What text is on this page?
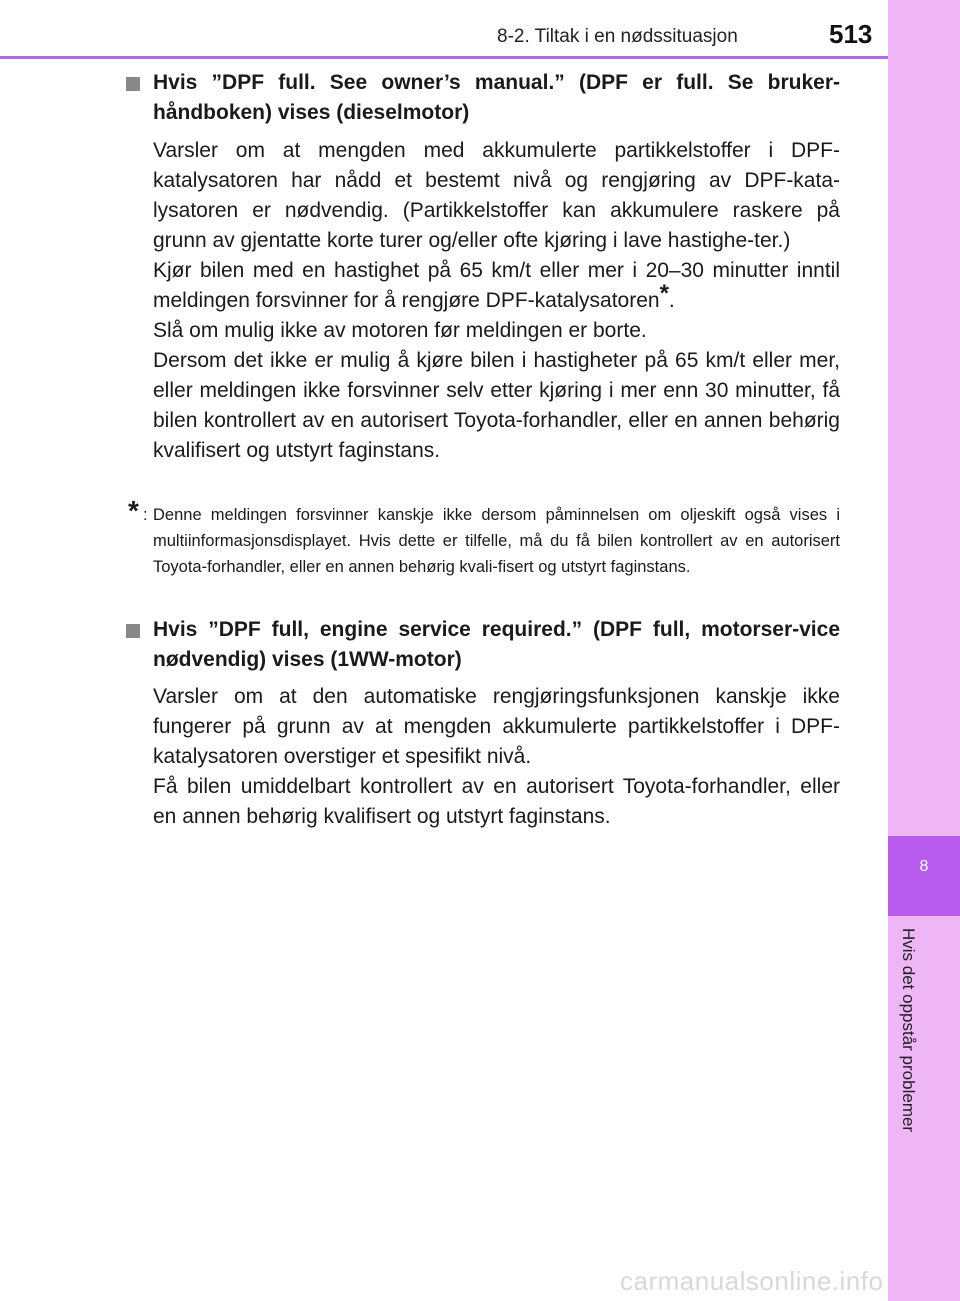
8-2. Tiltak i en nødssituasjon	513
8
Hvis det oppstår problemer
Hvis ”DPF full. See owner’s manual.” (DPF er full. Se bruker-håndboken) vises (dieselmotor)

Varsler om at mengden med akkumulerte partikkelstoffer i DPF-katalysatoren har nådd et bestemt nivå og rengjøring av DPF-kata-lysatoren er nødvendig. (Partikkelstoffer kan akkumulere raskere på grunn av gjentatte korte turer og/eller ofte kjøring i lave hastighe-ter.)

Kjør bilen med en hastighet på 65 km/t eller mer i 20–30 minutter inntil meldingen forsvinner for å rengjøre DPF-katalysatoren*.

Slå om mulig ikke av motoren før meldingen er borte.

Dersom det ikke er mulig å kjøre bilen i hastigheter på 65 km/t eller mer, eller meldingen ikke forsvinner selv etter kjøring i mer enn 30 minutter, få bilen kontrollert av en autorisert Toyota-forhandler, eller en annen behørig kvalifisert og utstyrt faginstans.

* : Denne meldingen forsvinner kanskje ikke dersom påminnelsen om oljeskift også vises i multiinformasjonsdisplayet. Hvis dette er tilfelle, må du få bilen kontrollert av en autorisert Toyota-forhandler, eller en annen behørig kvali-fisert og utstyrt faginstans.
Hvis ”DPF full, engine service required.” (DPF full, motorser-vice nødvendig) vises (1WW-motor)

Varsler om at den automatiske rengjøringsfunksjonen kanskje ikke fungerer på grunn av at mengden akkumulerte partikkelstoffer i DPF-katalysatoren overstiger et spesifikt nivå.

Få bilen umiddelbart kontrollert av en autorisert Toyota-forhandler, eller en annen behørig kvalifisert og utstyrt faginstans.

carmanualsonline.info
